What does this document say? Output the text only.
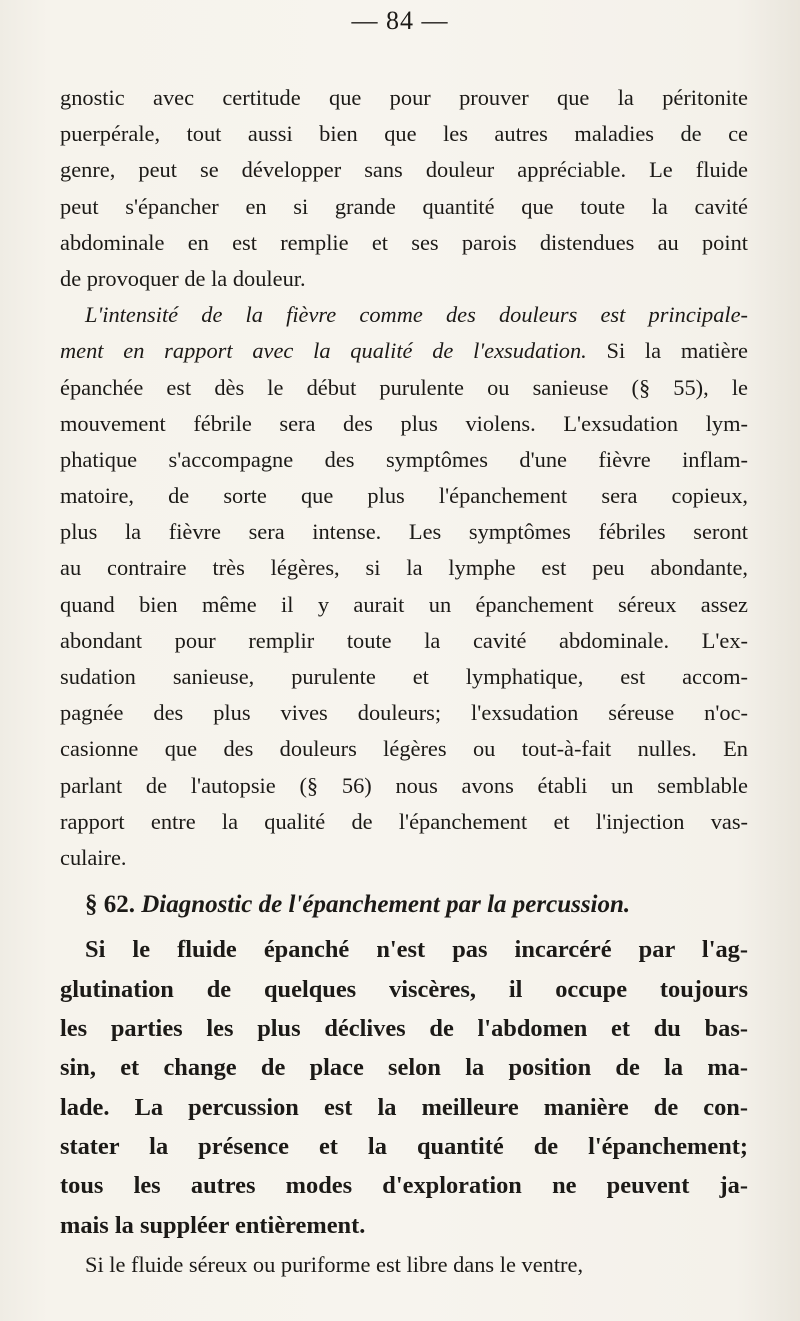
— 84 —
gnostic avec certitude que pour prouver que la péritonite
puerpérale, tout aussi bien que les autres maladies de ce
genre, peut se développer sans douleur appréciable. Le fluide
peut s'épancher en si grande quantité que toute la cavité
abdominale en est remplie et ses parois distendues au point
de provoquer de la douleur.
L'intensité de la fièvre comme des douleurs est principale-
ment en rapport avec la qualité de l'exsudation. Si la matière
épanchée est dès le début purulente ou sanieuse (§ 55), le
mouvement fébrile sera des plus violens. L'exsudation lym-
phatique s'accompagne des symptômes d'une fièvre inflam-
matoire, de sorte que plus l'épanchement sera copieux,
plus la fièvre sera intense. Les symptômes fébriles seront
au contraire très légères, si la lymphe est peu abondante,
quand bien même il y aurait un épanchement séreux assez
abondant pour remplir toute la cavité abdominale. L'ex-
sudation sanieuse, purulente et lymphatique, est accom-
pagnée des plus vives douleurs; l'exsudation séreuse n'oc-
casionne que des douleurs légères ou tout-à-fait nulles. En
parlant de l'autopsie (§ 56) nous avons établi un semblable
rapport entre la qualité de l'épanchement et l'injection vas-
culaire.
§ 62. Diagnostic de l'épanchement par la percussion.
Si le fluide épanché n'est pas incarcéré par l'ag-
glutination de quelques viscères, il occupe toujours
les parties les plus déclives de l'abdomen et du bas-
sin, et change de place selon la position de la ma-
lade. La percussion est la meilleure manière de con-
stater la présence et la quantité de l'épanchement;
tous les autres modes d'exploration ne peuvent ja-
mais la suppléer entièrement.
Si le fluide séreux ou puriforme est libre dans le ventre,
